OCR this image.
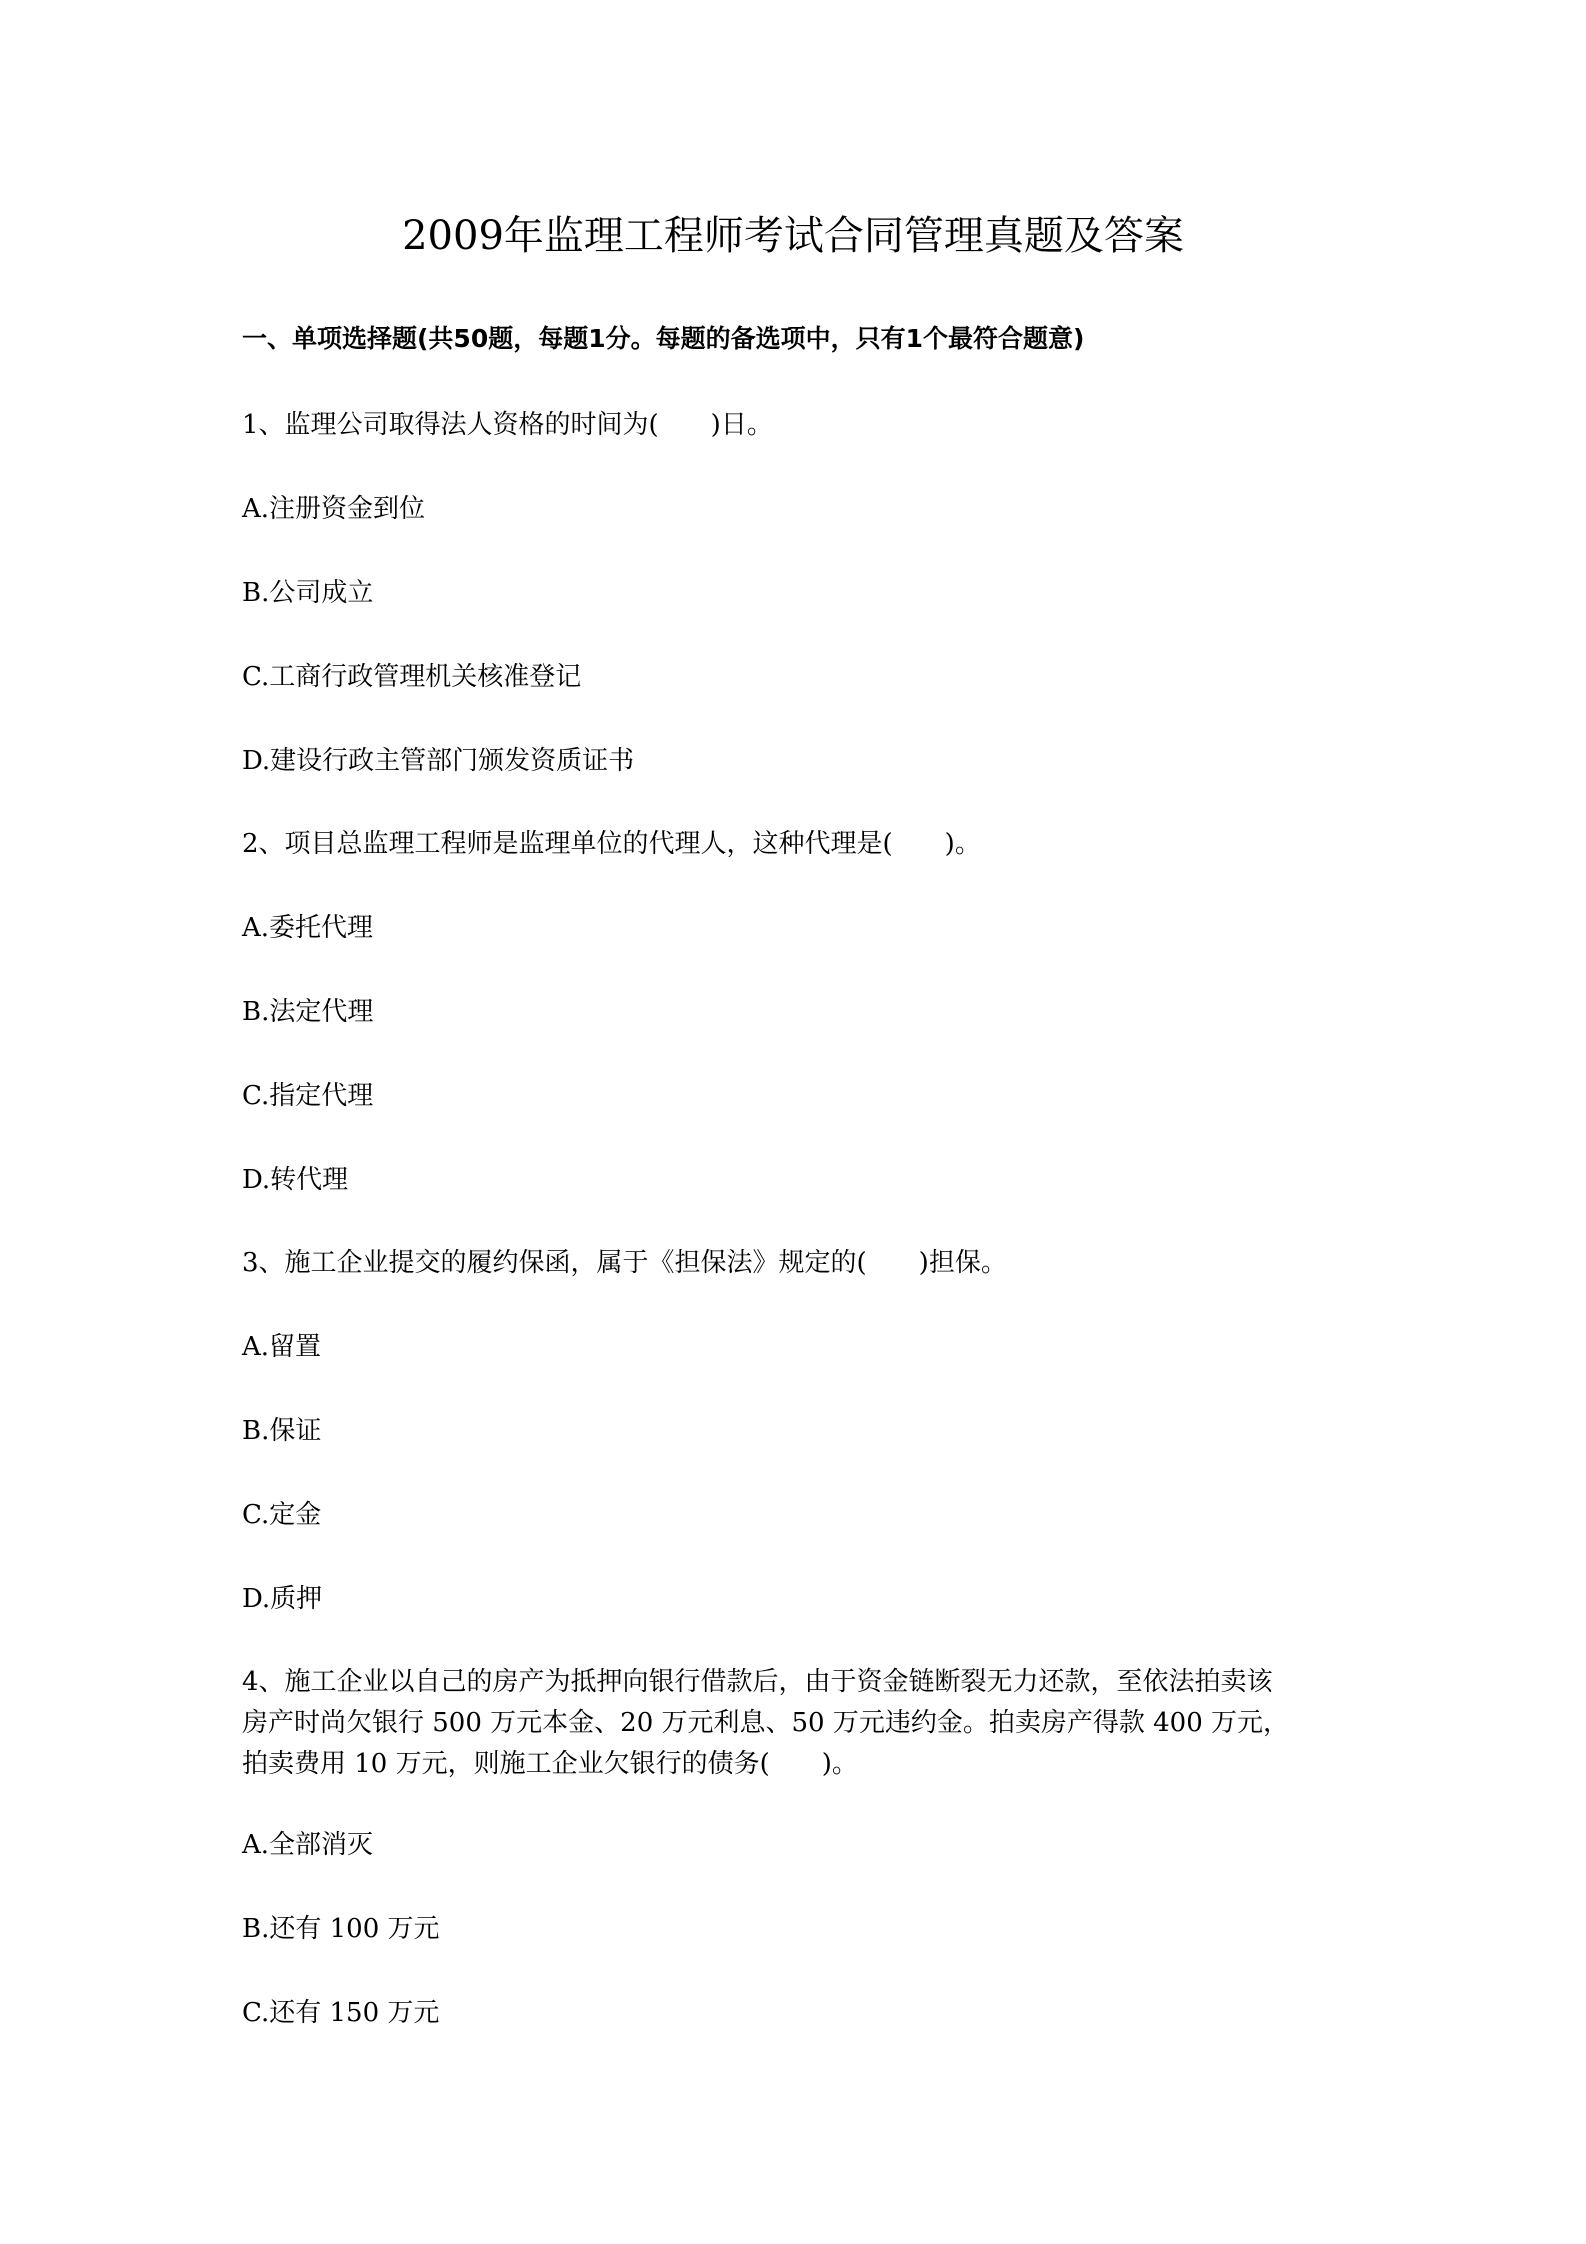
2009年监理工程师考试合同管理真题及答案
一、单项选择题(共50题，每题1分。每题的备选项中，只有1个最符合题意)
1、监理公司取得法人资格的时间为(　　)日。
A.注册资金到位
B.公司成立
C.工商行政管理机关核准登记
D.建设行政主管部门颁发资质证书
2、项目总监理工程师是监理单位的代理人，这种代理是(　　)。
A.委托代理
B.法定代理
C.指定代理
D.转代理
3、施工企业提交的履约保函，属于《担保法》规定的(　　)担保。
A.留置
B.保证
C.定金
D.质押
4、施工企业以自己的房产为抵押向银行借款后，由于资金链断裂无力还款，至依法拍卖该
房产时尚欠银行 500 万元本金、20 万元利息、50 万元违约金。拍卖房产得款 400 万元，
拍卖费用 10 万元，则施工企业欠银行的债务(　　)。
A.全部消灭
B.还有 100 万元
C.还有 150 万元
